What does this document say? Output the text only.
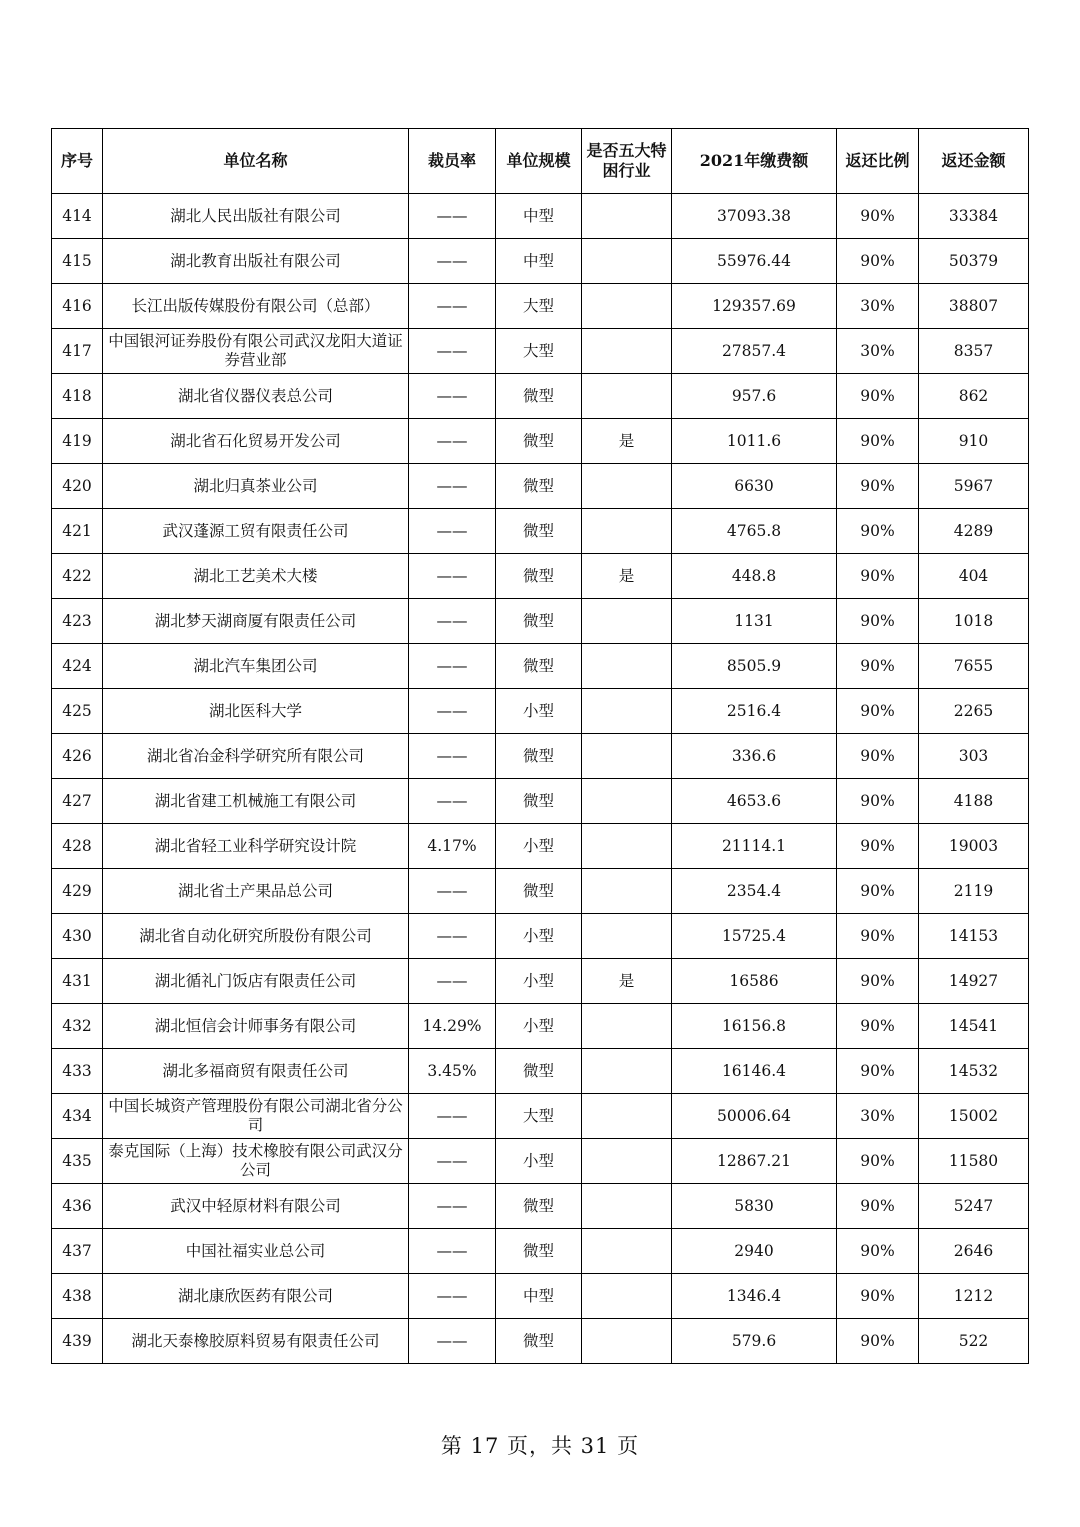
序号	单位名称	裁员率	单位规模	是否五大特困行业	2021年缴费额	返还比例	返还金额
414	湖北人民出版社有限公司	——	中型		37093.38	90%	33384
415	湖北教育出版社有限公司	——	中型		55976.44	90%	50379
416	长江出版传媒股份有限公司（总部）	——	大型		129357.69	30%	38807
417	中国银河证券股份有限公司武汉龙阳大道证券营业部	——	大型		27857.4	30%	8357
418	湖北省仪器仪表总公司	——	微型		957.6	90%	862
419	湖北省石化贸易开发公司	——	微型	是	1011.6	90%	910
420	湖北归真茶业公司	——	微型		6630	90%	5967
421	武汉蓬源工贸有限责任公司	——	微型		4765.8	90%	4289
422	湖北工艺美术大楼	——	微型	是	448.8	90%	404
423	湖北梦天湖商厦有限责任公司	——	微型		1131	90%	1018
424	湖北汽车集团公司	——	微型		8505.9	90%	7655
425	湖北医科大学	——	小型		2516.4	90%	2265
426	湖北省冶金科学研究所有限公司	——	微型		336.6	90%	303
427	湖北省建工机械施工有限公司	——	微型		4653.6	90%	4188
428	湖北省轻工业科学研究设计院	4.17%	小型		21114.1	90%	19003
429	湖北省土产果品总公司	——	微型		2354.4	90%	2119
430	湖北省自动化研究所股份有限公司	——	小型		15725.4	90%	14153
431	湖北循礼门饭店有限责任公司	——	小型	是	16586	90%	14927
432	湖北恒信会计师事务有限公司	14.29%	小型		16156.8	90%	14541
433	湖北多福商贸有限责任公司	3.45%	微型		16146.4	90%	14532
434	中国长城资产管理股份有限公司湖北省分公司	——	大型		50006.64	30%	15002
435	泰克国际（上海）技术橡胶有限公司武汉分公司	——	小型		12867.21	90%	11580
436	武汉中轻原材料有限公司	——	微型		5830	90%	5247
437	中国社福实业总公司	——	微型		2940	90%	2646
438	湖北康欣医药有限公司	——	中型		1346.4	90%	1212
439	湖北天泰橡胶原料贸易有限责任公司	——	微型		579.6	90%	522
第 17 页，共 31 页
